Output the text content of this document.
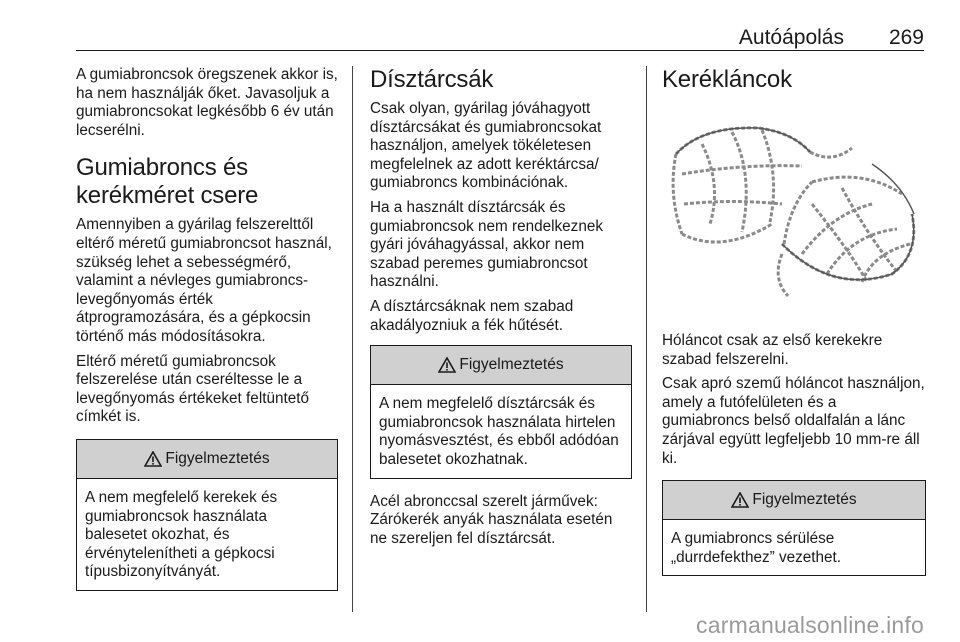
Autóápolás 269

A gumiabroncsok öregszenek akkor is, ha nem használják őket. Javasoljuk a gumiabroncsokat legkésőbb 6 év után lecserélni.

Gumiabroncs és
kerékméret csere

Amennyiben a gyárilag felszerelttől eltérő méretű gumiabroncsot használ, szükség lehet a sebességmérő, valamint a névleges gumiabroncs-levegőnyomás érték átprogramozására, és a gépkocsin történő más módosításokra.

Eltérő méretű gumiabroncsok felszerelése után cseréltesse le a levegőnyomás értékeket feltüntető címkét is.

Figyelmeztetés

A nem megfelelő kerekek és gumiabroncsok használata balesetet okozhat, és érvénytelenítheti a gépkocsi típusbizonyítványát.

Dísztárcsák

Csak olyan, gyárilag jóváhagyott dísztárcsákat és gumiabroncsokat használjon, amelyek tökéletesen megfelelnek az adott keréktárcsa/ gumiabroncs kombinációnak.

Ha a használt dísztárcsák és gumiabroncsok nem rendelkeznek gyári jóváhagyással, akkor nem szabad peremes gumiabroncsot használni.

A dísztárcsáknak nem szabad akadályozniuk a fék hűtését.

Figyelmeztetés

A nem megfelelő dísztárcsák és gumiabroncsok használata hirtelen nyomásvesztést, és ebből adódóan balesetet okozhatnak.

Acél abronccsal szerelt járművek: Zárókerék anyák használata esetén ne szereljen fel dísztárcsát.

Kerékláncok

Hóláncot csak az első kerekekre szabad felszerelni.

Csak apró szemű hóláncot használjon, amely a futófelületen és a gumiabroncs belső oldalfalán a lánc zárjával együtt legfeljebb 10 mm-re áll ki.

Figyelmeztetés

A gumiabroncs sérülése „durrdefekthez” vezethet.

carmanualsonline.info
